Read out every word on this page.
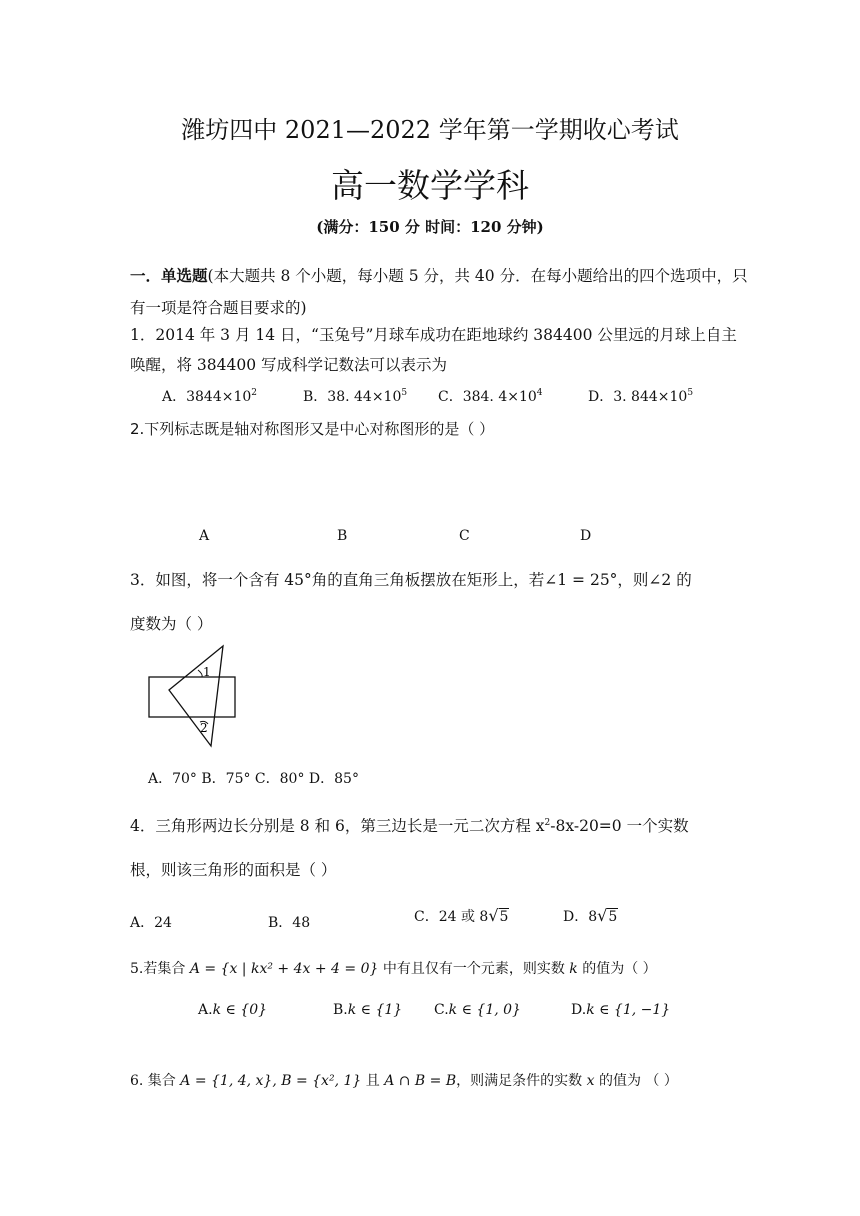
潍坊四中 2021—2022 学年第一学期收心考试
高一数学学科
(满分：150 分 时间：120 分钟)
一．单选题(本大题共 8 个小题，每小题 5 分，共 40 分．在每小题给出的四个选项中，只
有一项是符合题目要求的)
1．2014 年 3 月 14 日，“玉兔号”月球车成功在距地球约 384400 公里远的月球上自主
唤醒，将 384400 写成科学记数法可以表示为
A．$3844\times 10^2$	B．38. $44\times 10^5$ C．384. $4\times 10^4$	D．3. $844\times 10^5$
2.下列标志既是轴对称图形又是中心对称图形的是（ ）
A	B	C	D
3．如图，将一个含有 45°角的直角三角板摆放在矩形上，若∠1 = 25°，则∠2 的
度数为（ ）
1
2
A．70° B．75° C．80° D．85°
4．三角形两边长分别是 8 和 6，第三边长是一元二次方程 $x^2-8x-20=0$ 一个实数
根，则该三角形的面积是（ ）
A．24	B．48	C．24 或 8√5	D．8√5
5.若集合 A = {x | kx² + 4x + 4 = 0} 中有且仅有一个元素，则实数 k 的值为（ ）
A.k ∈ {0}	B.k ∈ {1} C.k ∈ {1, 0}	D.k ∈ {1, −1}
6. 集合 A = {1, 4, x}, B = {x², 1} 且 A ∩ B = B，则满足条件的实数 x 的值为 （ ）
